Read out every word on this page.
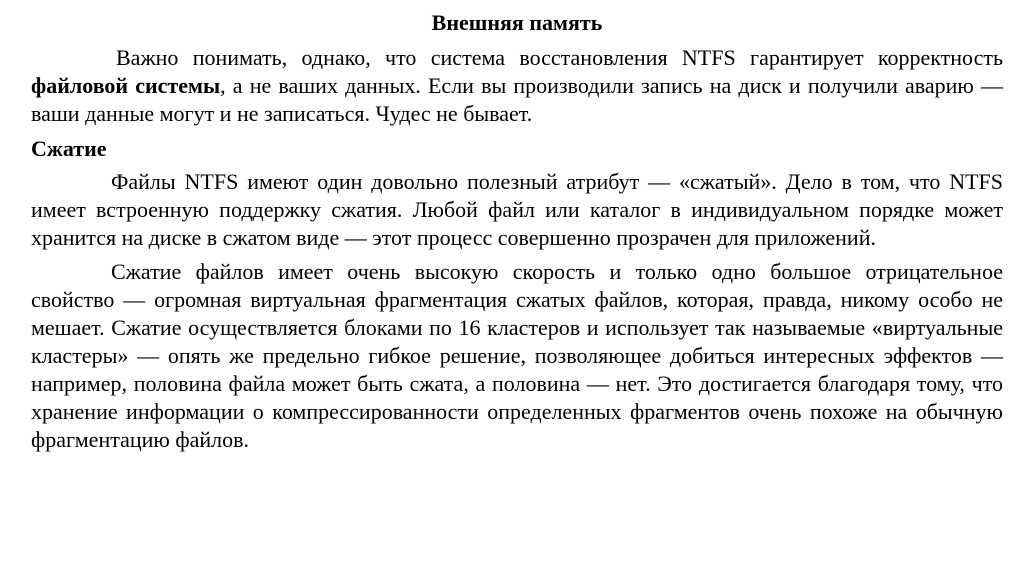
Внешняя память

Важно понимать, однако, что система восстановления NTFS гарантирует корректность файловой системы, а не ваших данных. Если вы производили запись на диск и получили аварию — ваши данные могут и не записаться. Чудес не бывает.

Сжатие

Файлы NTFS имеют один довольно полезный атрибут — «сжатый». Дело в том, что NTFS имеет встроенную поддержку сжатия. Любой файл или каталог в индивидуальном порядке может хранится на диске в сжатом виде — этот процесс совершенно прозрачен для приложений.

Сжатие файлов имеет очень высокую скорость и только одно большое отрицательное свойство — огромная виртуальная фрагментация сжатых файлов, которая, правда, никому особо не мешает. Сжатие осуществляется блоками по 16 кластеров и использует так называемые «виртуальные кластеры» — опять же предельно гибкое решение, позволяющее добиться интересных эффектов — например, половина файла может быть сжата, а половина — нет. Это достигается благодаря тому, что хранение информации о компрессированности определенных фрагментов очень похоже на обычную фрагментацию файлов.
